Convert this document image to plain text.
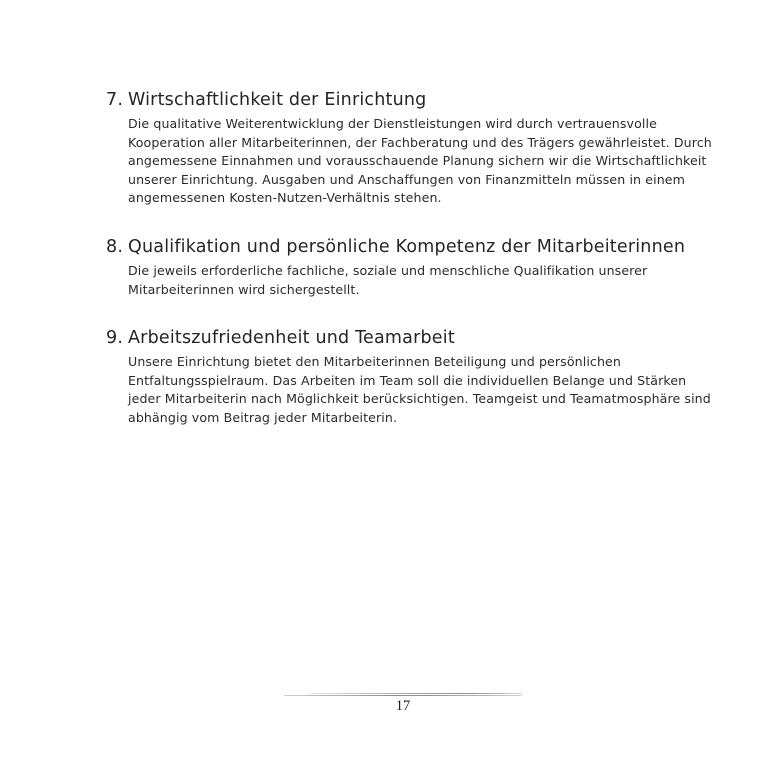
7. Wirtschaftlichkeit der Einrichtung
Die qualitative Weiterentwicklung der Dienstleistungen wird durch vertrauensvolle Kooperation aller Mitarbeiterinnen, der Fachberatung und des Trägers gewährleistet. Durch angemessene Einnahmen und vorausschauende Planung sichern wir die Wirtschaftlichkeit unserer Einrichtung. Ausgaben und Anschaffungen von Finanzmitteln müssen in einem angemessenen Kosten-Nutzen-Verhältnis stehen.
8. Qualifikation und persönliche Kompetenz der Mitarbeiterinnen
Die jeweils erforderliche fachliche, soziale und menschliche Qualifikation unserer Mitarbeiterinnen wird sichergestellt.
9. Arbeitszufriedenheit und Teamarbeit
Unsere Einrichtung bietet den Mitarbeiterinnen Beteiligung und persönlichen Entfaltungsspielraum. Das Arbeiten im Team soll die individuellen Belange und Stärken jeder Mitarbeiterin nach Möglichkeit berücksichtigen. Teamgeist und Teamatmosphäre sind abhängig vom Beitrag jeder Mitarbeiterin.
17
